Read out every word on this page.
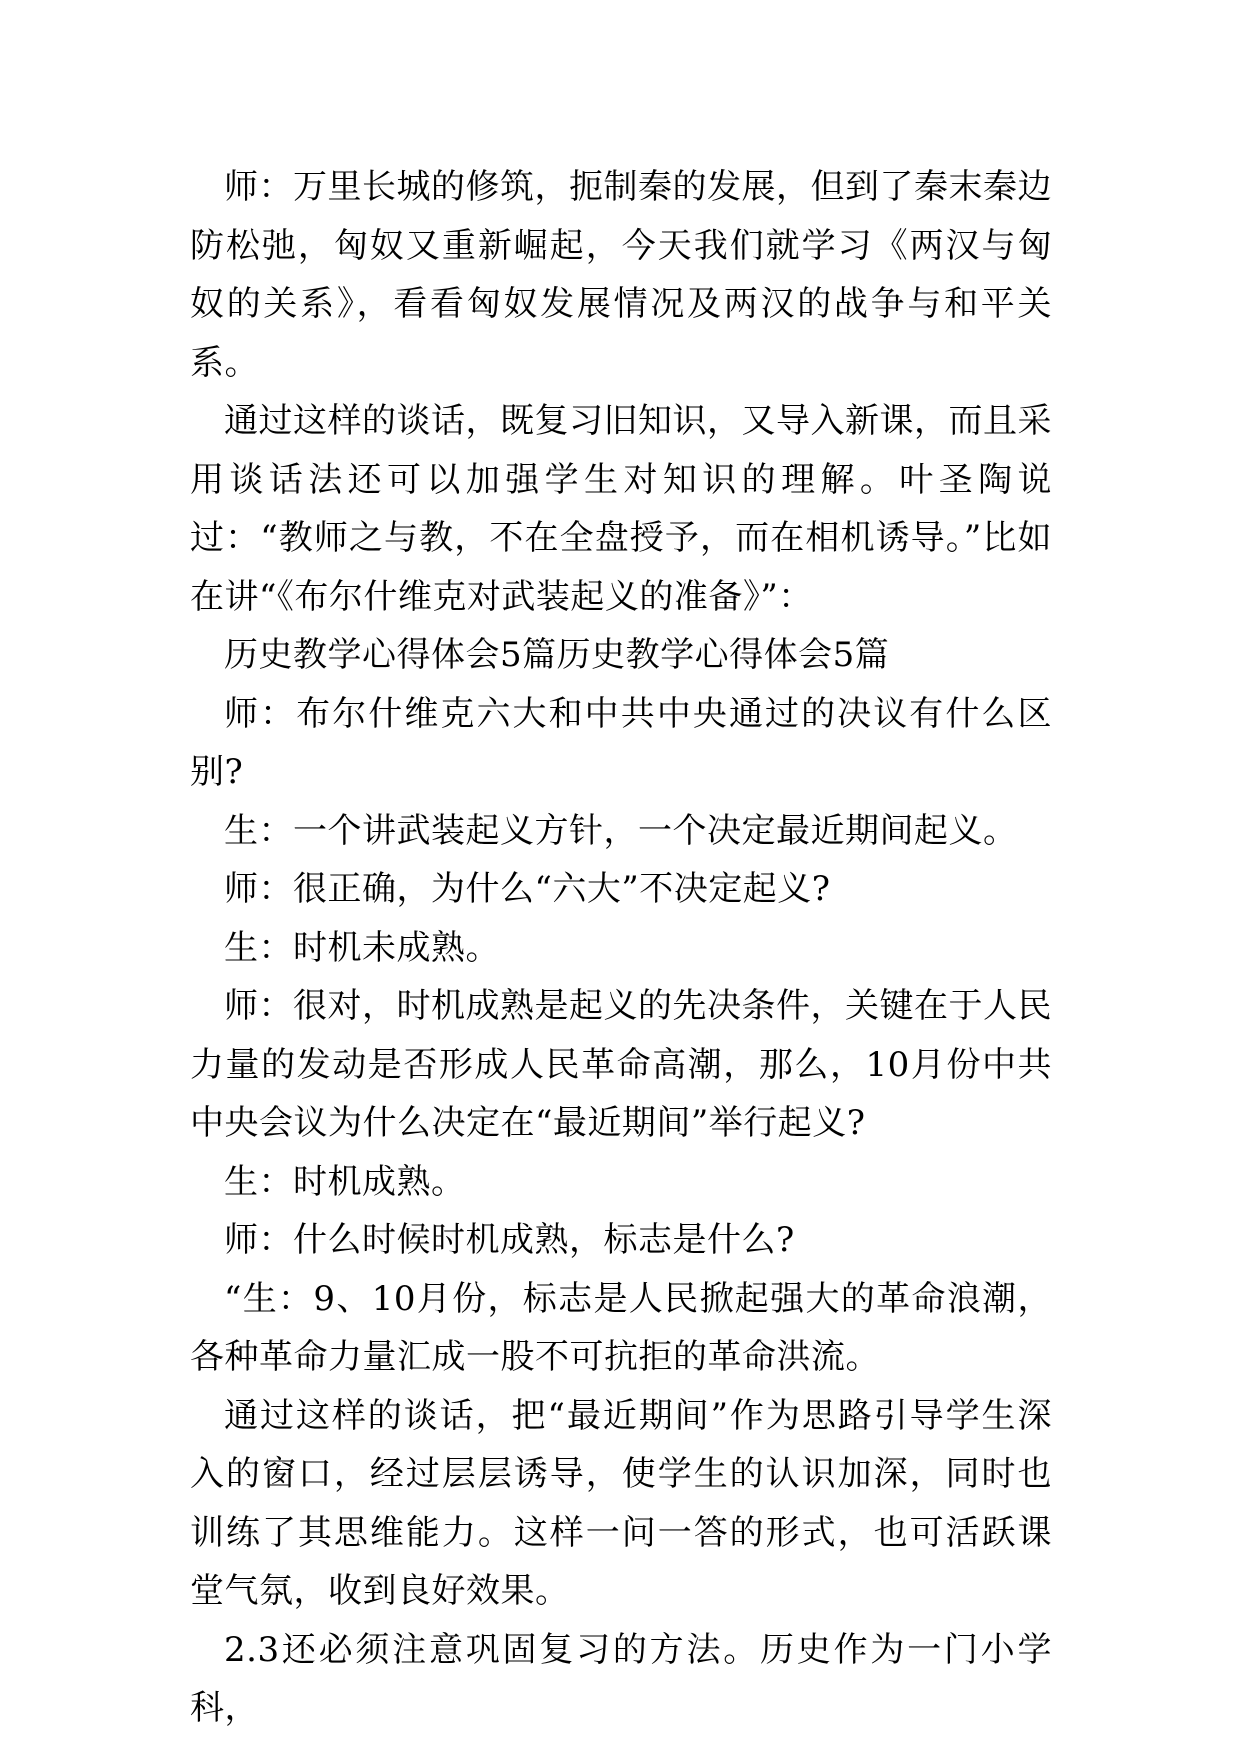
师：万里长城的修筑，扼制秦的发展，但到了秦末秦边防松弛，匈奴又重新崛起，今天我们就学习《两汉与匈奴的关系》，看看匈奴发展情况及两汉的战争与和平关系。

通过这样的谈话，既复习旧知识，又导入新课，而且采用谈话法还可以加强学生对知识的理解。叶圣陶说过：“教师之与教，不在全盘授予，而在相机诱导。”比如在讲“《布尔什维克对武装起义的准备》”：

历史教学心得体会5篇历史教学心得体会5篇

师：布尔什维克六大和中共中央通过的决议有什么区别?

生：一个讲武装起义方针，一个决定最近期间起义。

师：很正确，为什么“六大”不决定起义?

生：时机未成熟。

师：很对，时机成熟是起义的先决条件，关键在于人民力量的发动是否形成人民革命高潮，那么，10月份中共中央会议为什么决定在“最近期间”举行起义?

生：时机成熟。

师：什么时候时机成熟，标志是什么?

“生：9、10月份，标志是人民掀起强大的革命浪潮，各种革命力量汇成一股不可抗拒的革命洪流。

通过这样的谈话，把“最近期间”作为思路引导学生深入的窗口，经过层层诱导，使学生的认识加深，同时也训练了其思维能力。这样一问一答的形式，也可活跃课堂气氛，收到良好效果。

2.3还必须注意巩固复习的方法。历史作为一门小学科，
